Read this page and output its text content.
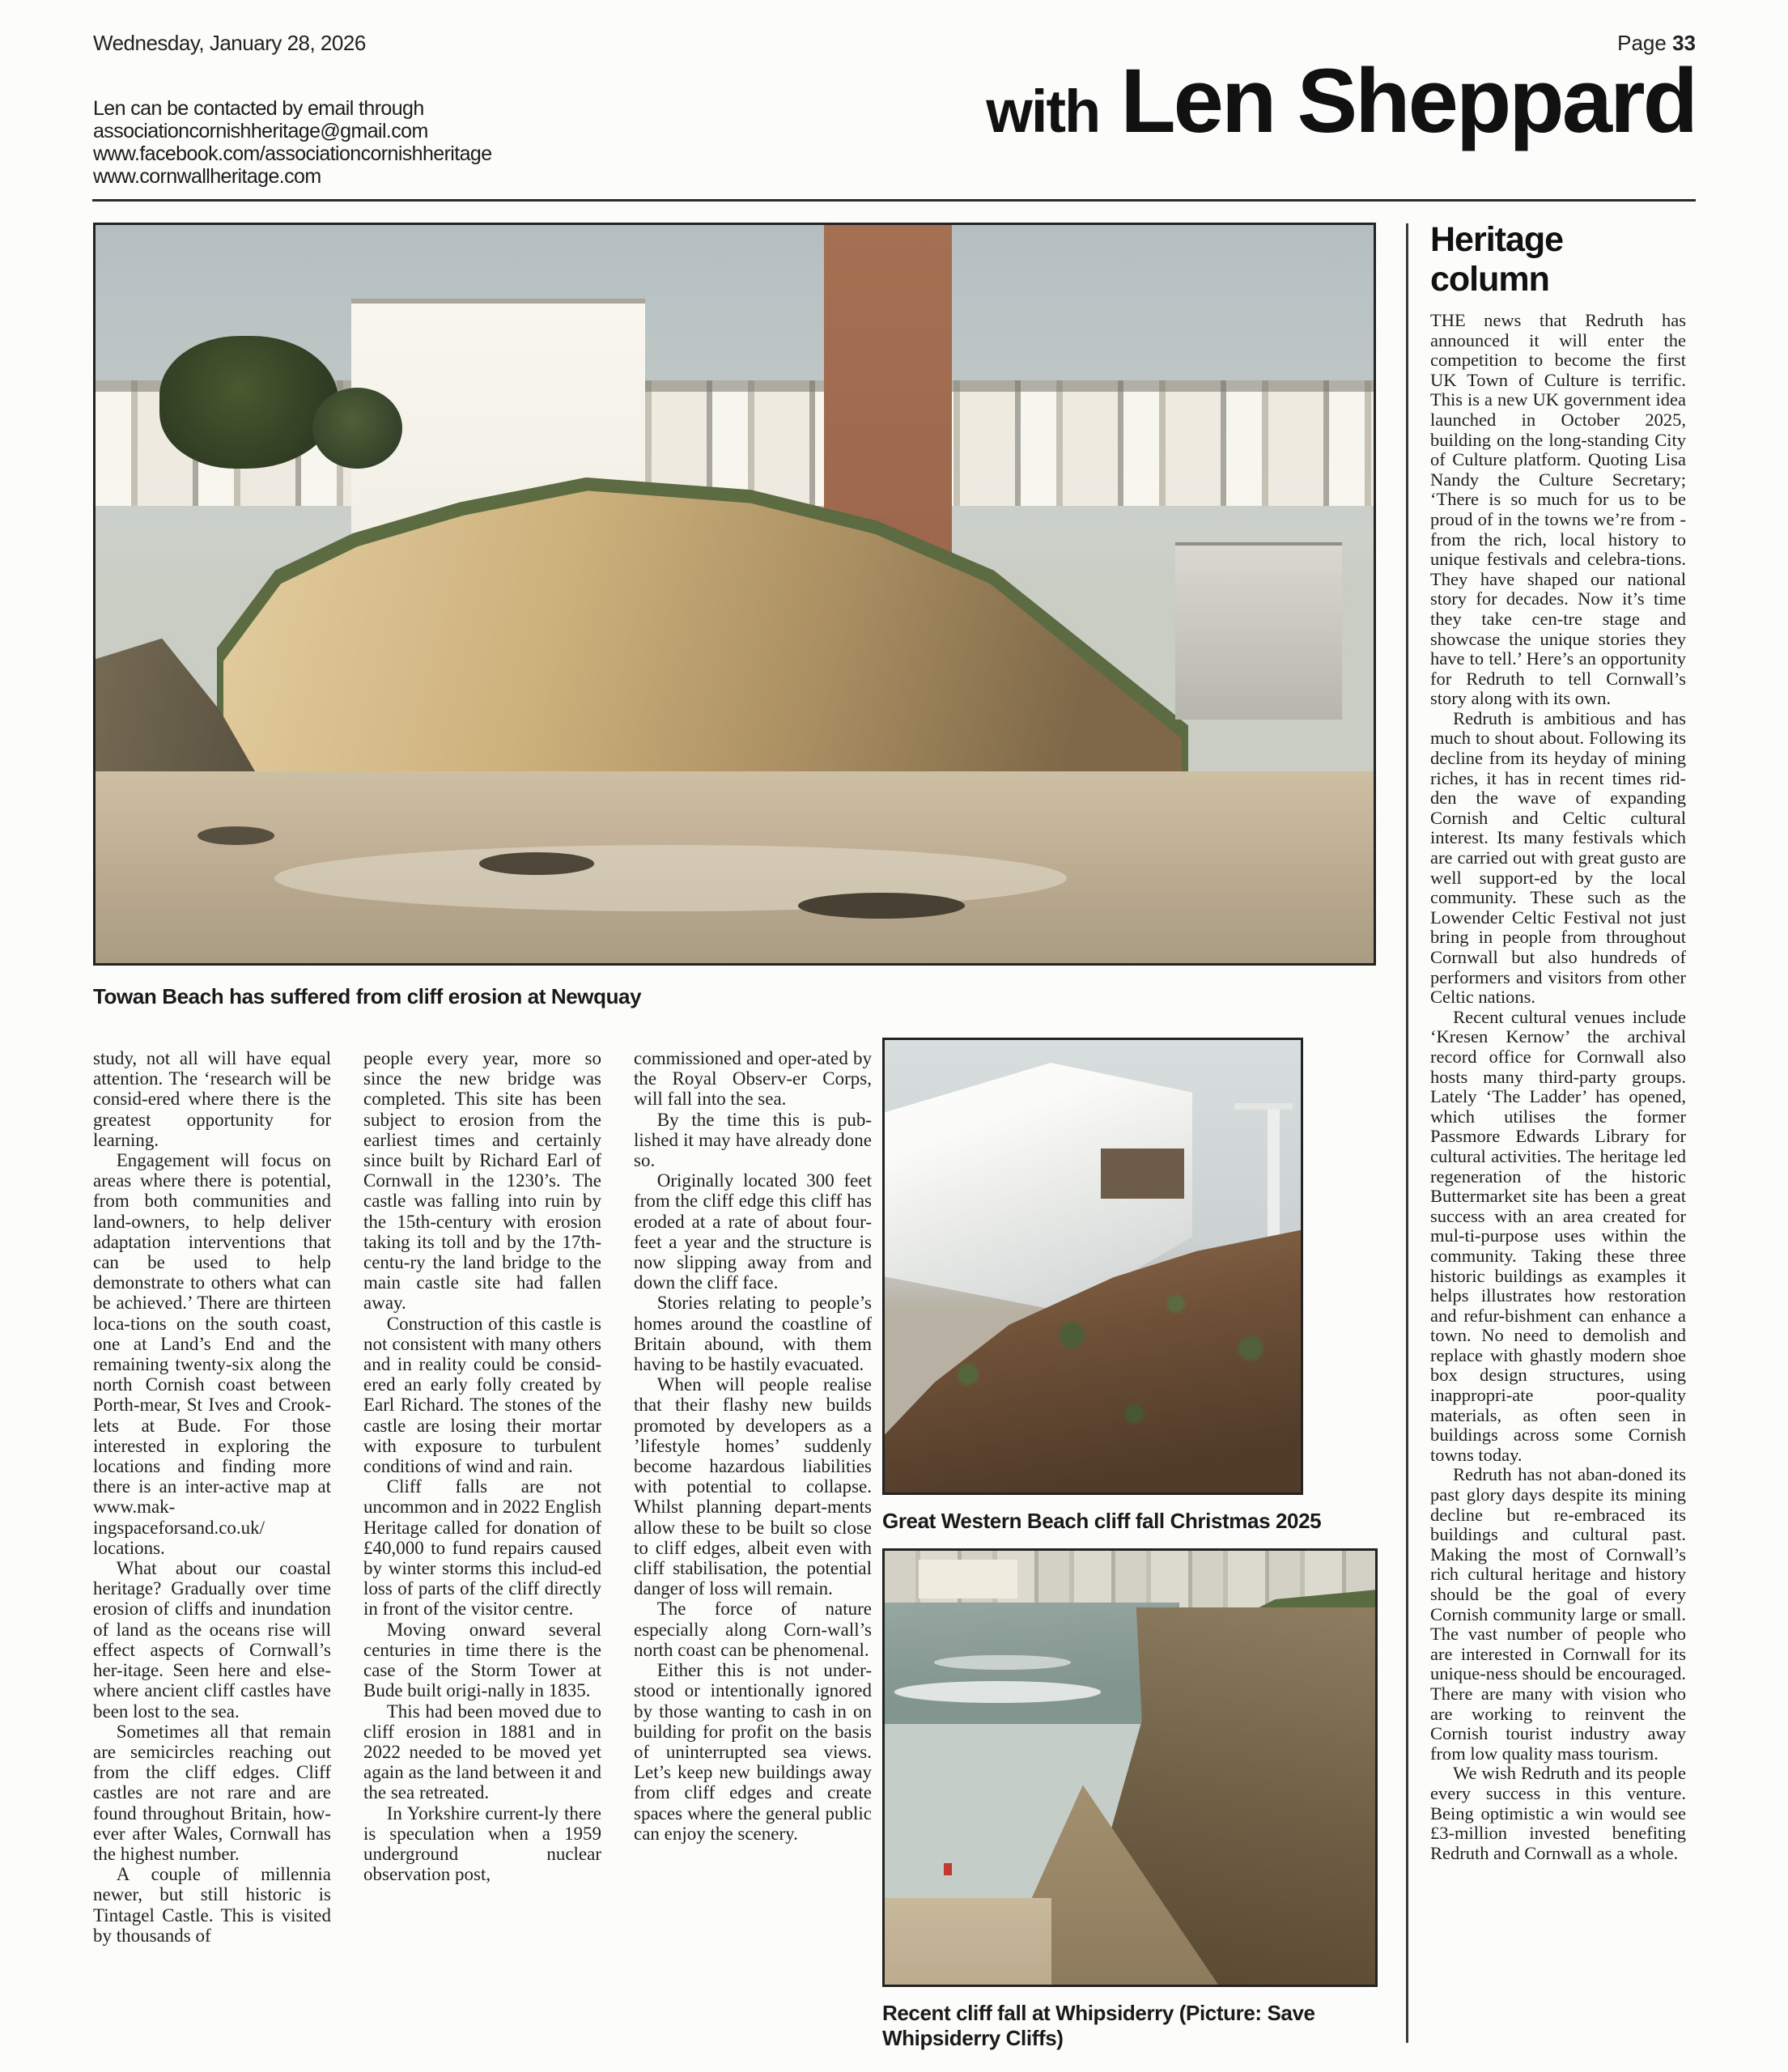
Wednesday, January 28, 2026	Page 33
Len can be contacted by email through
associationcornishheritage@gmail.com
www.facebook.com/associationcornishheritage
www.cornwallheritage.com
with Len Sheppard
Towan Beach has suffered from cliff erosion at Newquay

study, not all will have equal attention. The ‘research will be consid-ered where there is the greatest opportunity for learning.

Engagement will focus on areas where there is potential, from both communities and land-owners, to help deliver adaptation interventions that can be used to help demonstrate to others what can be achieved.’ There are thirteen loca-tions on the south coast, one at Land’s End and the remaining twenty-six along the north Cornish coast between Porth-mear, St Ives and Crook-lets at Bude. For those interested in exploring the locations and finding more there is an inter-active map at www.mak-ingspaceforsand.co.uk/ locations.

What about our coastal heritage? Gradually over time erosion of cliffs and inundation of land as the oceans rise will effect aspects of Cornwall’s her-itage. Seen here and else-where ancient cliff castles have been lost to the sea.

Sometimes all that remain are semicircles reaching out from the cliff edges. Cliff castles are not rare and are found throughout Britain, how-ever after Wales, Cornwall has the highest number.

A couple of millennia newer, but still historic is Tintagel Castle. This is visited by thousands of

people every year, more so since the new bridge was completed. This site has been subject to erosion from the earliest times and certainly since built by Richard Earl of Cornwall in the 1230’s. The castle was falling into ruin by the 15th-century with erosion taking its toll and by the 17th-centu-ry the land bridge to the main castle site had fallen away.

Construction of this castle is not consistent with many others and in reality could be consid-ered an early folly created by Earl Richard. The stones of the castle are losing their mortar with exposure to turbulent conditions of wind and rain.

Cliff falls are not uncommon and in 2022 English Heritage called for donation of £40,000 to fund repairs caused by winter storms this includ-ed loss of parts of the cliff directly in front of the visitor centre.

Moving onward several centuries in time there is the case of the Storm Tower at Bude built origi-nally in 1835.

This had been moved due to cliff erosion in 1881 and in 2022 needed to be moved yet again as the land between it and the sea retreated.

In Yorkshire current-ly there is speculation when a 1959 underground nuclear observation post,

commissioned and oper-ated by the Royal Observ-er Corps, will fall into the sea.

By the time this is pub-lished it may have already done so.

Originally located 300 feet from the cliff edge this cliff has eroded at a rate of about four-feet a year and the structure is now slipping away from and down the cliff face.

Stories relating to people’s homes around the coastline of Britain abound, with them having to be hastily evacuated.

When will people realise that their flashy new builds promoted by developers as a ’lifestyle homes’ suddenly become hazardous liabilities with potential to collapse. Whilst planning depart-ments allow these to be built so close to cliff edges, albeit even with cliff stabilisation, the potential danger of loss will remain.

The force of nature especially along Corn-wall’s north coast can be phenomenal.

Either this is not under-stood or intentionally ignored by those wanting to cash in on building for profit on the basis of uninterrupted sea views. Let’s keep new buildings away from cliff edges and create spaces where the general public can enjoy the scenery.

Great Western Beach cliff fall Christmas 2025
Recent cliff fall at Whipsiderry (Picture: Save Whipsiderry Cliffs)
Heritage column

THE news that Redruth has announced it will enter the competition to become the first UK Town of Culture is terrific. This is a new UK government idea launched in October 2025, building on the long-standing City of Culture platform. Quoting Lisa Nandy the Culture Secretary; ‘There is so much for us to be proud of in the towns we’re from - from the rich, local history to unique festivals and celebra-tions. They have shaped our national story for decades. Now it’s time they take cen-tre stage and showcase the unique stories they have to tell.’ Here’s an opportunity for Redruth to tell Cornwall’s story along with its own.

Redruth is ambitious and has much to shout about. Following its decline from its heyday of mining riches, it has in recent times rid-den the wave of expanding Cornish and Celtic cultural interest. Its many festivals which are carried out with great gusto are well support-ed by the local community. These such as the Lowender Celtic Festival not just bring in people from throughout Cornwall but also hundreds of performers and visitors from other Celtic nations.

Recent cultural venues include ‘Kresen Kernow’ the archival record office for Cornwall also hosts many third-party groups. Lately ‘The Ladder’ has opened, which utilises the former Passmore Edwards Library for cultural activities. The heritage led regeneration of the historic Buttermarket site has been a great success with an area created for mul-ti-purpose uses within the community. Taking these three historic buildings as examples it helps illustrates how restoration and refur-bishment can enhance a town. No need to demolish and replace with ghastly modern shoe box design structures, using inappropri-ate poor-quality materials, as often seen in buildings across some Cornish towns today.

Redruth has not aban-doned its past glory days despite its mining decline but re-embraced its buildings and cultural past. Making the most of Cornwall’s rich cultural heritage and history should be the goal of every Cornish community large or small. The vast number of people who are interested in Cornwall for its unique-ness should be encouraged. There are many with vision who are working to reinvent the Cornish tourist industry away from low quality mass tourism.

We wish Redruth and its people every success in this venture. Being optimistic a win would see £3-million invested benefiting Redruth and Cornwall as a whole.
